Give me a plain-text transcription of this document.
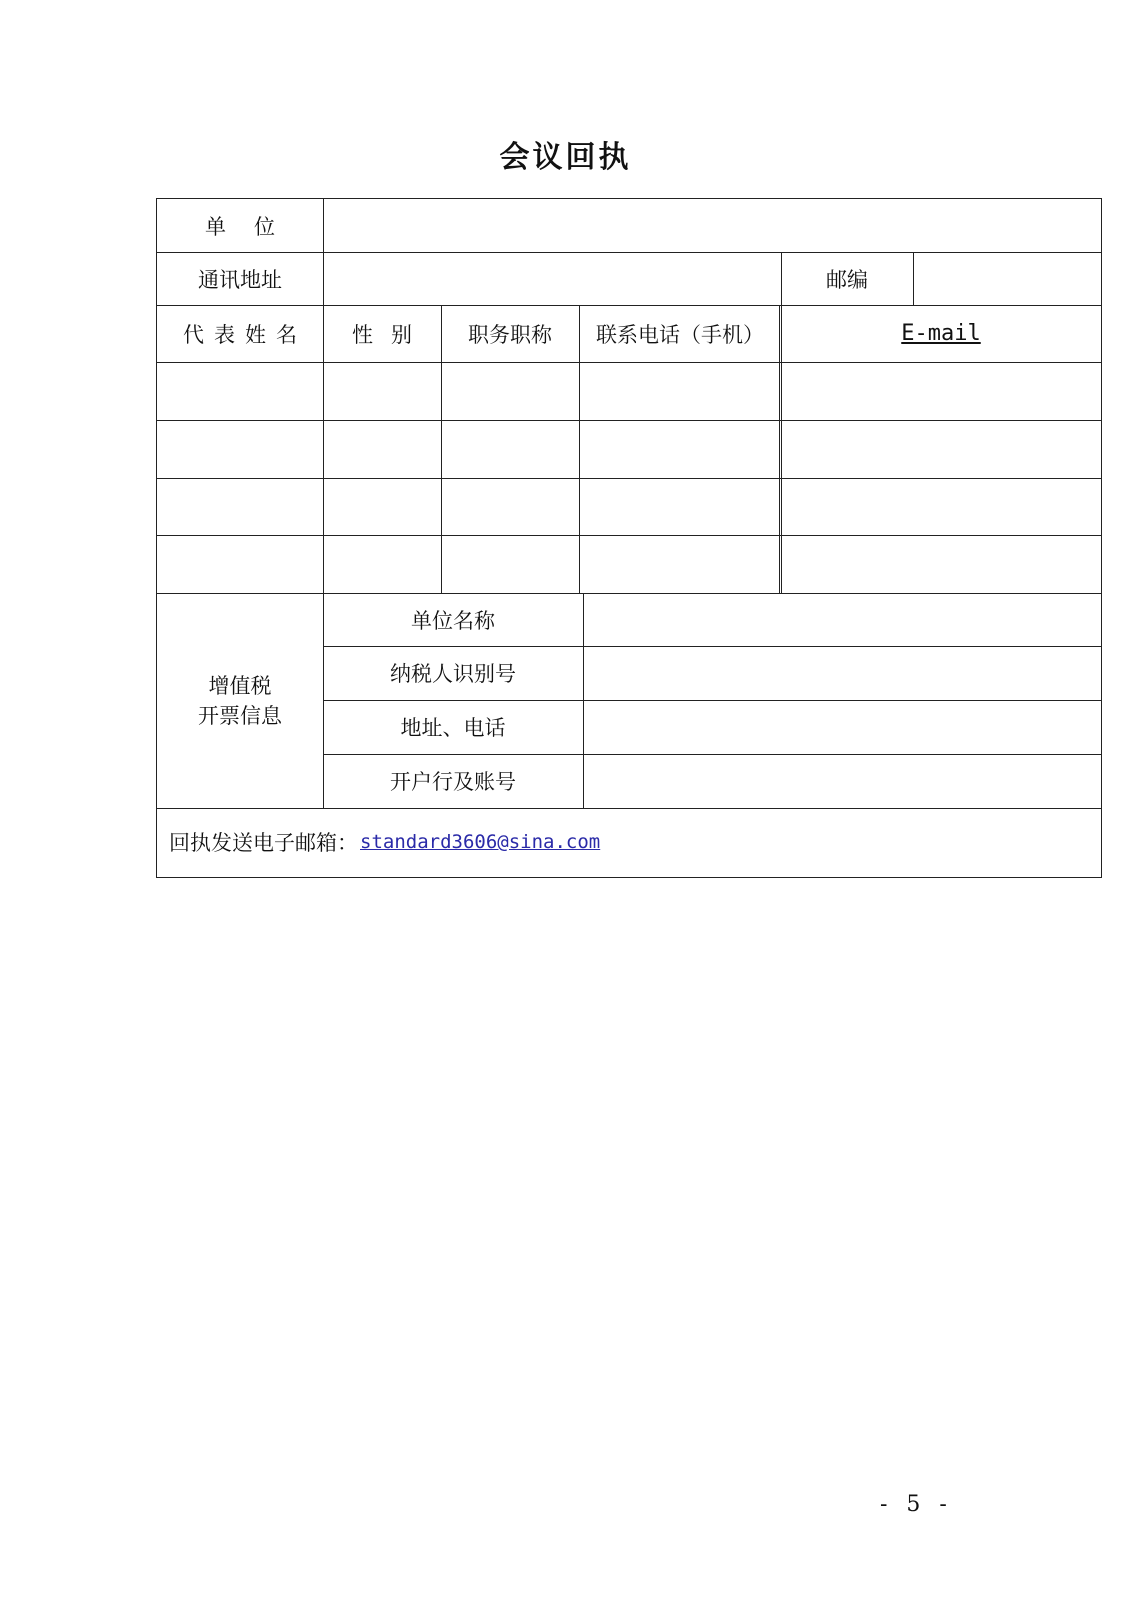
会议回执
单位
通讯地址	邮编
代表姓名	性别 职务职称 联系电话（手机）	E-mail
增值税
开票信息
单位名称
纳税人识别号
地址、电话
开户行及账号
回执发送电子邮箱： standard3606@sina.com
- 5 -
